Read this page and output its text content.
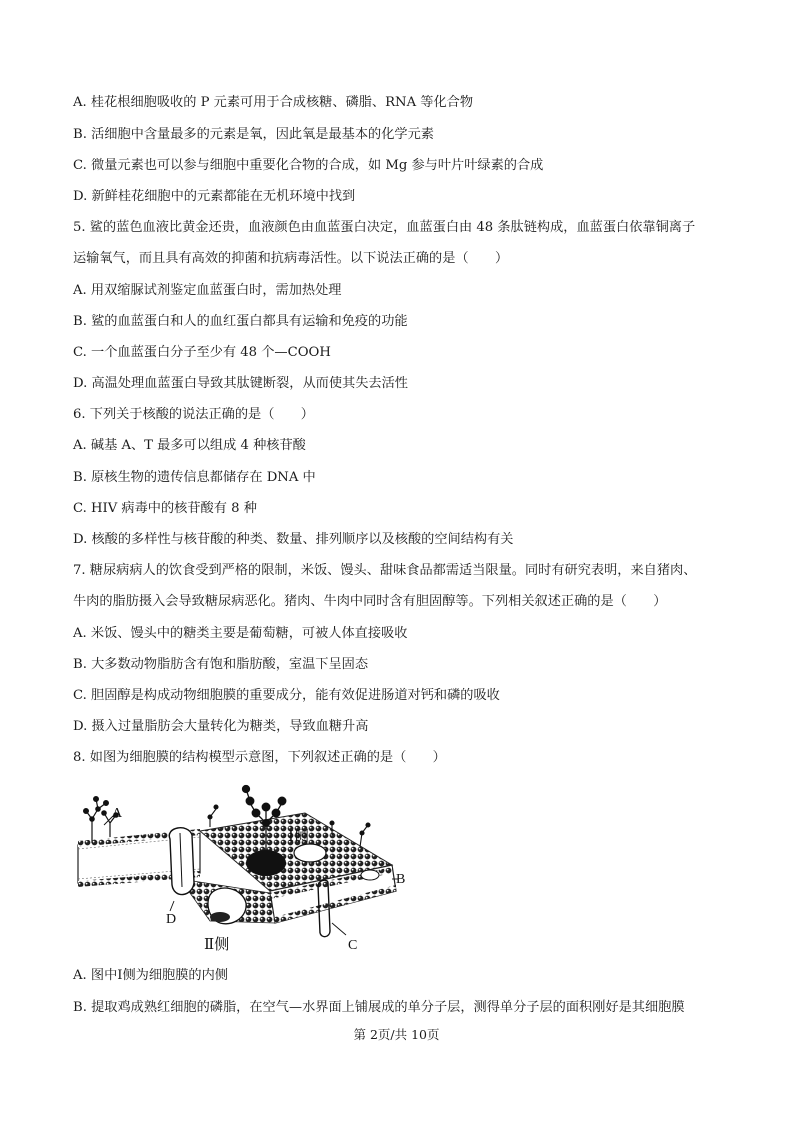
A. 桂花根细胞吸收的 P 元素可用于合成核糖、磷脂、RNA 等化合物
B. 活细胞中含量最多的元素是氧，因此氧是最基本的化学元素
C. 微量元素也可以参与细胞中重要化合物的合成，如 Mg 参与叶片叶绿素的合成
D. 新鲜桂花细胞中的元素都能在无机环境中找到
5. 鲨的蓝色血液比黄金还贵，血液颜色由血蓝蛋白决定，血蓝蛋白由 48 条肽链构成，血蓝蛋白依靠铜离子
运输氧气，而且具有高效的抑菌和抗病毒活性。以下说法正确的是（　　）
A. 用双缩脲试剂鉴定血蓝蛋白时，需加热处理
B. 鲨的血蓝蛋白和人的血红蛋白都具有运输和免疫的功能
C. 一个血蓝蛋白分子至少有 48 个—COOH
D. 高温处理血蓝蛋白导致其肽键断裂，从而使其失去活性
6. 下列关于核酸的说法正确的是（　　）
A. 碱基 A、T 最多可以组成 4 种核苷酸
B. 原核生物的遗传信息都储存在 DNA 中
C. HIV 病毒中的核苷酸有 8 种
D. 核酸的多样性与核苷酸的种类、数量、排列顺序以及核酸的空间结构有关
7. 糖尿病病人的饮食受到严格的限制，米饭、馒头、甜味食品都需适当限量。同时有研究表明，来自猪肉、
牛肉的脂肪摄入会导致糖尿病恶化。猪肉、牛肉中同时含有胆固醇等。下列相关叙述正确的是（　　）
A. 米饭、馒头中的糖类主要是葡萄糖，可被人体直接吸收
B. 大多数动物脂肪含有饱和脂肪酸，室温下呈固态
C. 胆固醇是构成动物细胞膜的重要成分，能有效促进肠道对钙和磷的吸收
D. 摄入过量脂肪会大量转化为糖类，导致血糖升高
8. 如图为细胞膜的结构模型示意图，下列叙述正确的是（　　）
A
B
C
D
Ⅰ侧
Ⅱ侧
A. 图中Ⅰ侧为细胞膜的内侧
B. 提取鸡成熟红细胞的磷脂，在空气—水界面上铺展成的单分子层，测得单分子层的面积刚好是其细胞膜
第 2页/共 10页
